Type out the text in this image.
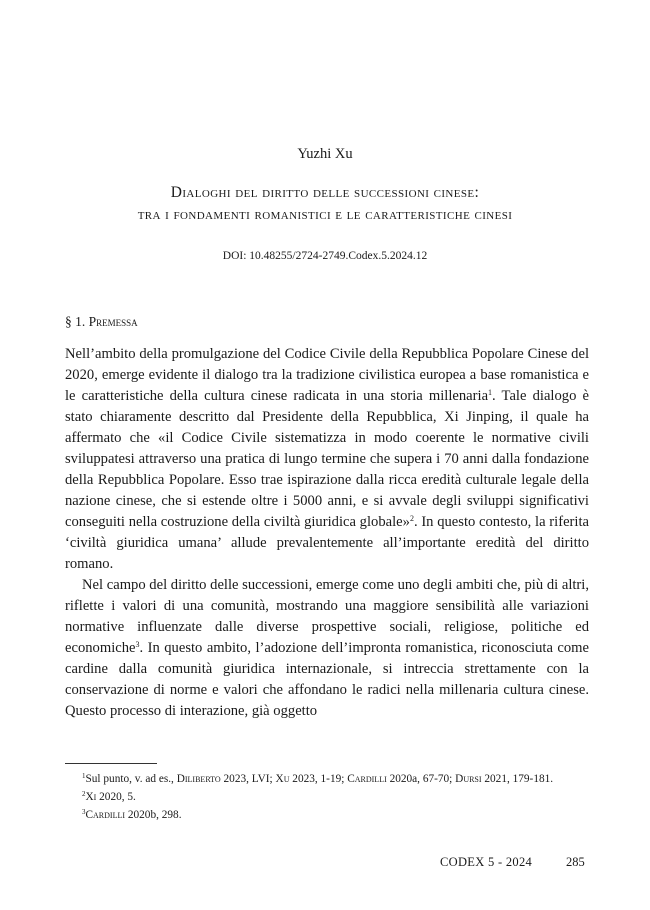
Yuzhi Xu
Dialoghi del diritto delle successioni cinese:
tra i fondamenti romanistici e le caratteristiche cinesi
DOI: 10.48255/2724-2749.Codex.5.2024.12
§ 1. Premessa

Nell’ambito della promulgazione del Codice Civile della Repubblica Popolare Cinese del 2020, emerge evidente il dialogo tra la tradizione civilistica europea a base romanistica e le caratteristiche della cultura cinese radicata in una storia millenaria$^1$. Tale dialogo è stato chiaramente descritto dal Presidente della Repubblica, Xi Jinping, il quale ha affermato che «il Codice Civile sistematizza in modo coerente le normative civili sviluppatesi attraverso una pratica di lungo termine che supera i 70 anni dalla fondazione della Repubblica Popolare. Esso trae ispirazione dalla ricca eredità culturale legale della nazione cinese, che si estende oltre i 5000 anni, e si avvale degli sviluppi significativi conseguiti nella costruzione della civiltà giuridica globale»$^2$. In questo contesto, la riferita ‘civiltà giuridica umana’ allude prevalentemente all’importante eredità del diritto romano.

Nel campo del diritto delle successioni, emerge come uno degli ambiti che, più di altri, riflette i valori di una comunità, mostrando una maggiore sensibilità alle variazioni normative influenzate dalle diverse prospettive sociali, religiose, politiche ed economiche$^3$. In questo ambito, l’adozione dell’impronta romanistica, riconosciuta come cardine dalla comunità giuridica internazionale, si intreccia strettamente con la conservazione di norme e valori che affondano le radici nella millenaria cultura cinese. Questo processo di interazione, già oggetto

$^1$Sul punto, v. ad es., Diliberto 2023, LVI; Xu 2023, 1-19; Cardilli 2020a, 67-70; Dursi 2021, 179-181.

$^2$Xi 2020, 5.

$^3$Cardilli 2020b, 298.

CODEX 5 - 2024	285
